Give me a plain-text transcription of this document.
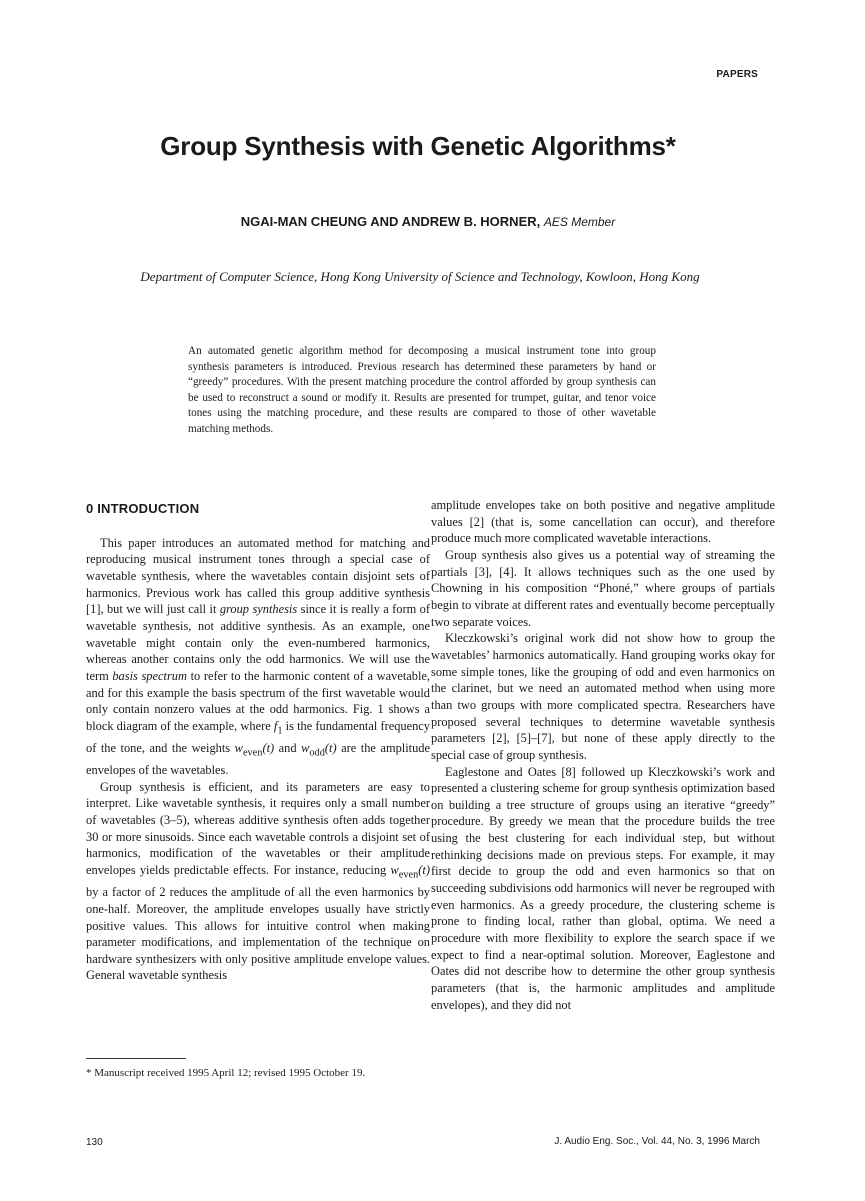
PAPERS
Group Synthesis with Genetic Algorithms*
NGAI-MAN CHEUNG AND ANDREW B. HORNER, AES Member
Department of Computer Science, Hong Kong University of Science and Technology, Kowloon, Hong Kong
An automated genetic algorithm method for decomposing a musical instrument tone into group synthesis parameters is introduced. Previous research has determined these parameters by hand or “greedy” procedures. With the present matching procedure the control afforded by group synthesis can be used to reconstruct a sound or modify it. Results are presented for trumpet, guitar, and tenor voice tones using the matching procedure, and these results are compared to those of other wavetable matching methods.
0 INTRODUCTION

This paper introduces an automated method for matching and reproducing musical instrument tones through a special case of wavetable synthesis, where the wavetables contain disjoint sets of harmonics. Previous work has called this group additive synthesis [1], but we will just call it group synthesis since it is really a form of wavetable synthesis, not additive synthesis. As an example, one wavetable might contain only the even-numbered harmonics, whereas another contains only the odd harmonics. We will use the term basis spectrum to refer to the harmonic content of a wavetable, and for this example the basis spectrum of the first wavetable would only contain nonzero values at the odd harmonics. Fig. 1 shows a block diagram of the example, where $f_1$ is the fundamental frequency of the tone, and the weights $w_{even}(t)$ and $w_{odd}(t)$ are the amplitude envelopes of the wavetables.

Group synthesis is efficient, and its parameters are easy to interpret. Like wavetable synthesis, it requires only a small number of wavetables (3–5), whereas additive synthesis often adds together 30 or more sinusoids. Since each wavetable controls a disjoint set of harmonics, modification of the wavetables or their amplitude envelopes yields predictable effects. For instance, reducing $w_{even}(t)$ by a factor of 2 reduces the amplitude of all the even harmonics by one-half. Moreover, the amplitude envelopes usually have strictly positive values. This allows for intuitive control when making parameter modifications, and implementation of the technique on hardware synthesizers with only positive amplitude envelope values. General wavetable synthesis

amplitude envelopes take on both positive and negative amplitude values [2] (that is, some cancellation can occur), and therefore produce much more complicated wavetable interactions.

Group synthesis also gives us a potential way of streaming the partials [3], [4]. It allows techniques such as the one used by Chowning in his composition “Phoné,” where groups of partials begin to vibrate at different rates and eventually become perceptually two separate voices.

Kleczkowski’s original work did not show how to group the wavetables’ harmonics automatically. Hand grouping works okay for some simple tones, like the grouping of odd and even harmonics on the clarinet, but we need an automated method when using more than two groups with more complicated spectra. Researchers have proposed several techniques to determine wavetable synthesis parameters [2], [5]–[7], but none of these apply directly to the special case of group synthesis.

Eaglestone and Oates [8] followed up Kleczkowski’s work and presented a clustering scheme for group synthesis optimization based on building a tree structure of groups using an iterative “greedy” procedure. By greedy we mean that the procedure builds the tree using the best clustering for each individual step, but without rethinking decisions made on previous steps. For example, it may first decide to group the odd and even harmonics so that on succeeding subdivisions odd harmonics will never be regrouped with even harmonics. As a greedy procedure, the clustering scheme is prone to finding local, rather than global, optima. We need a procedure with more flexibility to explore the search space if we expect to find a near-optimal solution. Moreover, Eaglestone and Oates did not describe how to determine the other group synthesis parameters (that is, the harmonic amplitudes and amplitude envelopes), and they did not

* Manuscript received 1995 April 12; revised 1995 October 19.
130	J. Audio Eng. Soc., Vol. 44, No. 3, 1996 March
